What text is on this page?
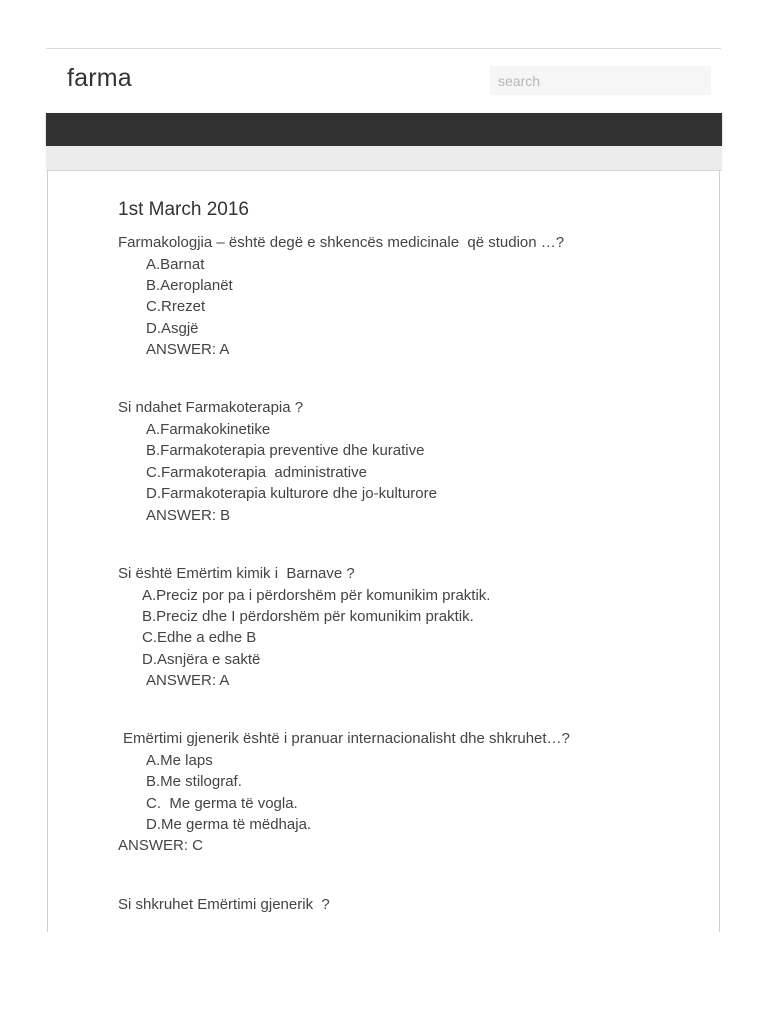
farma
search
1st March 2016
Farmakologjia – është degë e shkencës medicinale  që studion …?
A.Barnat
B.Aeroplanët
C.Rrezet
D.Asgjë
ANSWER: A
Si ndahet Farmakoterapia ?
A.Farmakokinetike
B.Farmakoterapia preventive dhe kurative
C.Farmakoterapia  administrative
D.Farmakoterapia kulturore dhe jo-kulturore
ANSWER: B
Si është Emërtim kimik i  Barnave ?
A.Preciz por pa i përdorshëm për komunikim praktik.
B.Preciz dhe I përdorshëm për komunikim praktik.
C.Edhe a edhe B
D.Asnjëra e saktë
ANSWER: A
Emërtimi gjenerik është i pranuar internacionalisht dhe shkruhet…?
A.Me laps
B.Me stilograf.
C.  Me germa të vogla.
D.Me germa të mëdhaja.
ANSWER: C
Si shkruhet Emërtimi gjenerik  ?
